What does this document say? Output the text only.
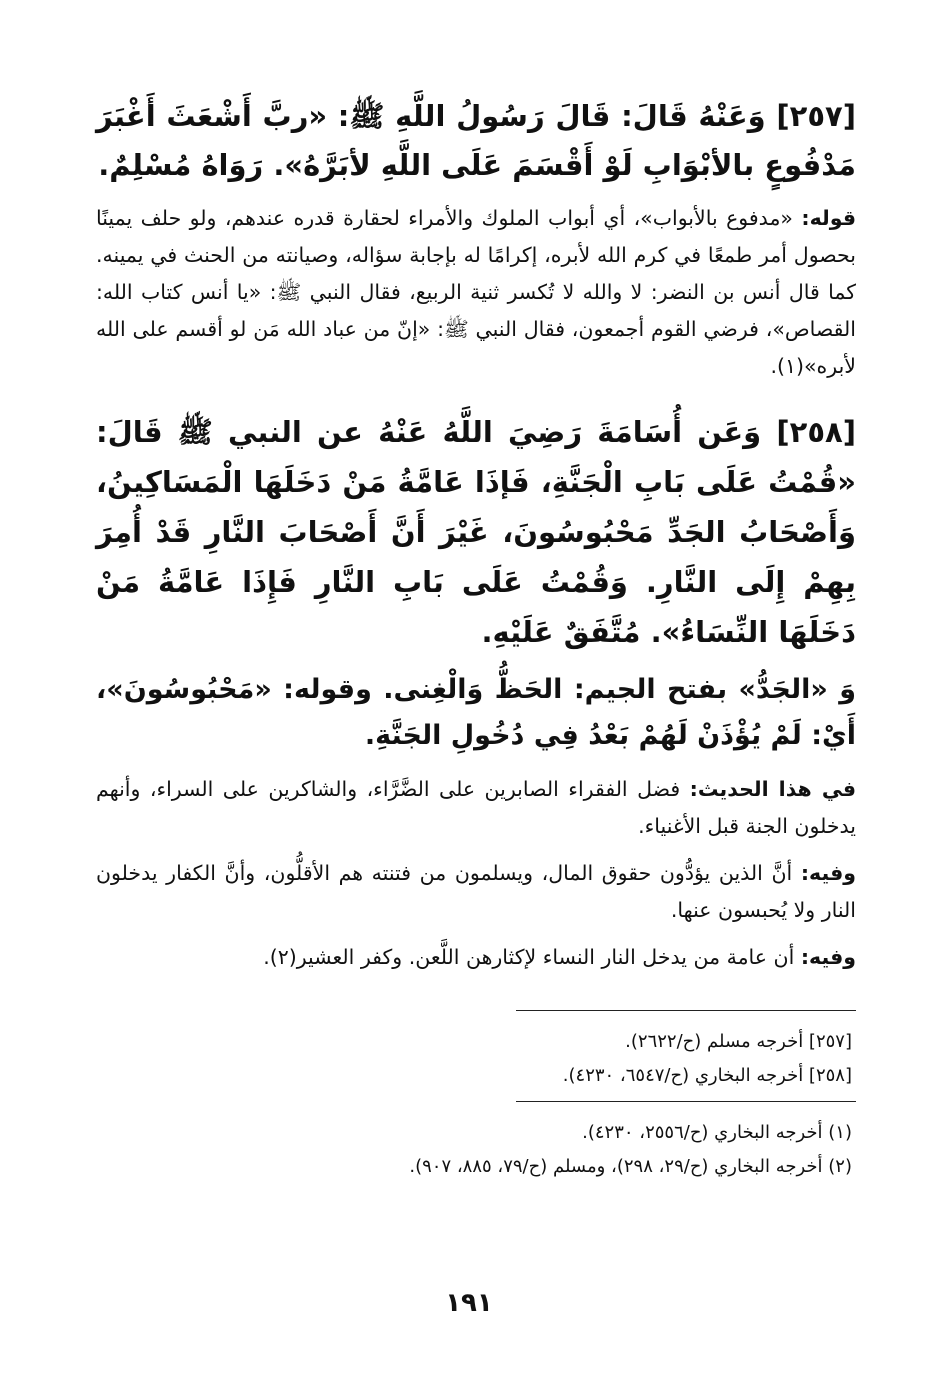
[٢٥٧] وَعَنْهُ قَالَ: قَالَ رَسُولُ اللَّهِ ﷺ: «ربَّ أَشْعَثَ أَغْبَرَ مَدْفُوعٍ بالأبْوَابِ لَوْ أَقْسَمَ عَلَى اللَّهِ لأبَرَّهُ». رَوَاهُ مُسْلِمٌ.

قوله: «مدفوع بالأبواب»، أي أبواب الملوك والأمراء لحقارة قدره عندهم، ولو حلف يمينًا بحصول أمر طمعًا في كرم الله لأبره، إكرامًا له بإجابة سؤاله، وصيانته من الحنث في يمينه. كما قال أنس بن النضر: لا والله لا تُكسر ثنية الربيع، فقال النبي ﷺ: «يا أنس كتاب الله: القصاص»، فرضي القوم أجمعون، فقال النبي ﷺ: «إنّ من عباد الله مَن لو أقسم على الله لأبره»(١).

[٢٥٨] وَعَن أُسَامَةَ رَضِيَ اللَّهُ عَنْهُ عن النبي ﷺ قَالَ: «قُمْتُ عَلَى بَابِ الْجَنَّةِ، فَإذَا عَامَّةُ مَنْ دَخَلَهَا الْمَسَاكِينُ، وَأَصْحَابُ الجَدِّ مَحْبُوسُونَ، غَيْرَ أَنَّ أَصْحَابَ النَّارِ قَدْ أُمِرَ بِهِمْ إِلَى النَّارِ. وَقُمْتُ عَلَى بَابِ النَّارِ فَإِذَا عَامَّةُ مَنْ دَخَلَهَا النِّسَاءُ». مُتَّفَقٌ عَلَيْهِ.

وَ «الجَدُّ» بفتح الجيم: الحَظُّ وَالْغِنى. وقوله: «مَحْبُوسُونَ»، أَيْ: لَمْ يُؤْذَنْ لَهُمْ بَعْدُ فِي دُخُولِ الجَنَّةِ.

في هذا الحديث: فضل الفقراء الصابرين على الضَّرَّاء، والشاكرين على السراء، وأنهم يدخلون الجنة قبل الأغنياء.

وفيه: أنَّ الذين يؤدُّون حقوق المال، ويسلمون من فتنته هم الأقلُّون، وأنَّ الكفار يدخلون النار ولا يُحبسون عنها.

وفيه: أن عامة من يدخل النار النساء لإكثارهن اللَّعن. وكفر العشير(٢).

[٢٥٧] أخرجه مسلم (ح/٢٦٢٢).

[٢٥٨] أخرجه البخاري (ح/٦٥٤٧، ٤٢٣٠).

(١) أخرجه البخاري (ح/٢٥٥٦، ٤٢٣٠).

(٢) أخرجه البخاري (ح/٢٩، ٢٩٨)، ومسلم (ح/٧٩، ٨٨٥، ٩٠٧).

١٩١
